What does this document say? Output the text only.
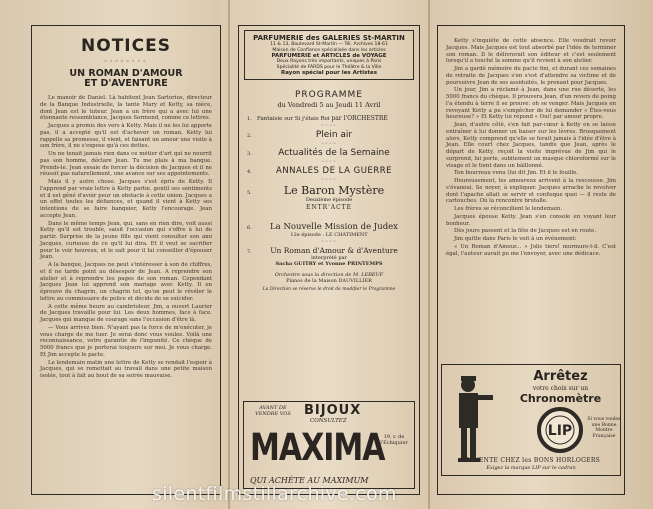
NOTICES

◦◦◦◦◦◦◦◦

UN ROMAN D'AMOUR
ET D'AVENTURE

Le manoir de Daniel. Là habitent Jean Sartorius, directeur de la Banque Industrielle, la tante Mary et Ketty, sa nièce, dont Jean est le tuteur. Jean a un frère qui a avec lui une étonnante ressemblance, Jacques Sormond, comme ce lettres.

Jacques a promis des vers à Ketty. Mais il ne les lui apporte pas, il a accepté qu'il est d'achever un roman. Ketty lui rappelle sa promesse, il vient, et faisant un amour une visite à son frère, il ne s'expose qu'à ces dettes.

Un ne tenait jamais rien dans ce métier d'art qui ne nourrit pas son homme, déclare Jean. Tu me plais à ma banque. Prends-le. Jean essaie de forcer la décision de Jacques et il ne réussit pas naturellement, une avance sur ses appointements.

Mais il y autre chose. Jacques s'est épris de Ketty. Il l'apprend par vraie lettre à Ketty partie, gentil ses sentiments et il est gêné d'avoir peur un obstacle à cette union. Jacques a un effet toutes les défiances, et quand il vient à Ketty ses intentions de se faire banquier, Ketty l'encourage. Jean accepte Jean.

Dans le même temps Jean, qui, sans en rien dire, voit aussi Ketty qu'il est troublé, saisit l'occasion qui s'offre à lui de partir. Surprise de la jeune fille qui vient consulter son ami Jacques, curieuse de ce qu'il lui dira. Et il veut se sacrifier pour le voir heureux, et le sait pour il lui conseiller d'épouser Jean.

A la banque, Jacques ne peut s'intéresser à son de chiffres, et il ne tarde point au désespoir de Jean. A reprendre son atelier et à reprendre les pages de son roman. Cependant Jacques Jean lui apprend son mariage avec Ketty. Il en éprouve du chagrin, un chagrin tel, qu'on peut le révéler le lettre au commissaire de police et décide de se suicider.

A cette même heure au cambrioleur. Jim, a ouvert Laurier de Jacques travaille pour lui. Les deux hommes, face à face. Jacques qui manque de courage sans l'occasion d'être là.

— Vous arrivez bien. N'ayant pas la force de m'exécuter, je vous charge de me tuer. Je serai donc vous voulez. Voilà une reconnaissance, votre garantie de l'impunité. Ce chèque de 5000 francs que je porterai toujours sur moi. Je vous charge. Et Jim accepte le pacte.

Le lendemain matin une lettre de Ketty se rendait l'espoir à Jacques, qui se remettait au travail dans une petite maison isolée, tout à fait au bout de sa soirée mauvaise.

PARFUMERIE des GALERIES St-MARTIN
11 & 13, Boulevard St-Martin — Tél. Archives 18-61
Maison de Confiance spécialisée dans les articles
PARFUMERIE et ARTICLES de VOYAGE
Deux Rayons très importants, uniques à Paris
Spécialité de FARDS pour le Théâtre & la Ville
Rayon spécial pour les Artistes
PROGRAMME
du Vendredi 5 au Jeudi 11 Avril
1. Fantaisie sur Si j'étais Roi
par l'ORCHESTRE
◦◦◦◦
2.	Plein air
◦◦◦◦
3.	Actualités de la Semaine
◦◦◦◦
4.	ANNALES DE LA GUERRE
◦◦◦◦
5.	Le Baron Mystère
Deuxième épisode
ENTR'ACTE
6.	La Nouvelle Mission de Judex
12e épisode : LE CHATIMENT
◦◦◦◦
7.	Un Roman d'Amour & d'Aventure
interprété par
Sacha GUITRY et Yvonne PRINTEMPS
Orchestre sous la direction de M. LEBEUF
Pianos de la Maison DAUVILLIER
La Direction se réserve le droit de modifier le Programme
AVANT DE VENDRE VOS	BIJOUX
CONSULTEZ
MAXIMA 19, r. de l'Échiquier
QUI ACHÈTE AU MAXIMUM

Ketty s'inquiète de cette absence. Elle voudrait revoir Jacques. Mais Jacques est tout absorbé par l'idée de terminer son roman. Il le délivrerait son éditeur et c'est seulement lorsqu'il a touché la somme qu'il revient à son atelier.

Jim a gardé mémoire du pacte fini, et durant ces semaines de retraite de Jacques s'en s'est d'attendre sa victime et de poursuivre Jean de ses assiduités, le prenant pour Jacques.

Un jour, Jim a réclamé à Jean, dans une rue déserte, les 5000 francs du chèque. Il prouvera Jean, d'un revers de poing l'a étendu à terre il se prouve: oh se venger. Mais Jacques en revoyant Ketty a pu s'empêcher de lui demander « Êtes-vous heureuse? » Et Ketty lui répond « Oui! par amour propre.

Jean, d'autre côté, s'en fait par-cœur à Ketty en se laisse entraîner à lui donner un baiser sur les lèvres. Brusquement alors, Ketty comprend qu'elle se ferait jamais à l'idée d'être à Jean. Elle court chez Jacques, tandis que Jean, après le départ de Ketty, reçoit la visite imprévue de Jim qui le surprend, lui porte, subitement un masque chloroformé sur le visage et le tient dans un bâillonné.

Ton bourreau venu (lui dit Jim. Et il le fouille.

Heureusement, les amoureux arrivent à la rescousse. Jim s'évanoui. Se noyer, à expliquer. Jacques arrache le revolver dont l'apache allait se servir et confisque quoi — il reste de cartouches. Où la rencontre brutalle.

Les frères se réconcilient le lendemain.

Jacques épouse Ketty. Jean s'en console en voyant leur bonheur.

Dès jours passent et la fête de Jacques est en route.

Jim quitte dans Paris le voit à un événement:

« Un Roman d'Amour... » Jolis tiers! murmure-t-il. C'est égal, l'auteur aurait pu me l'envoyer, avec une dédicace.

Arrêtez
votre choix sur un
Chronomètre
LIP
Si vous voulez une Bonne Montre Française
EN VENTE CHEZ les BONS HORLOGERS
Exigez la marque LIP sur le cadran
silentfilmstillarchive.com
